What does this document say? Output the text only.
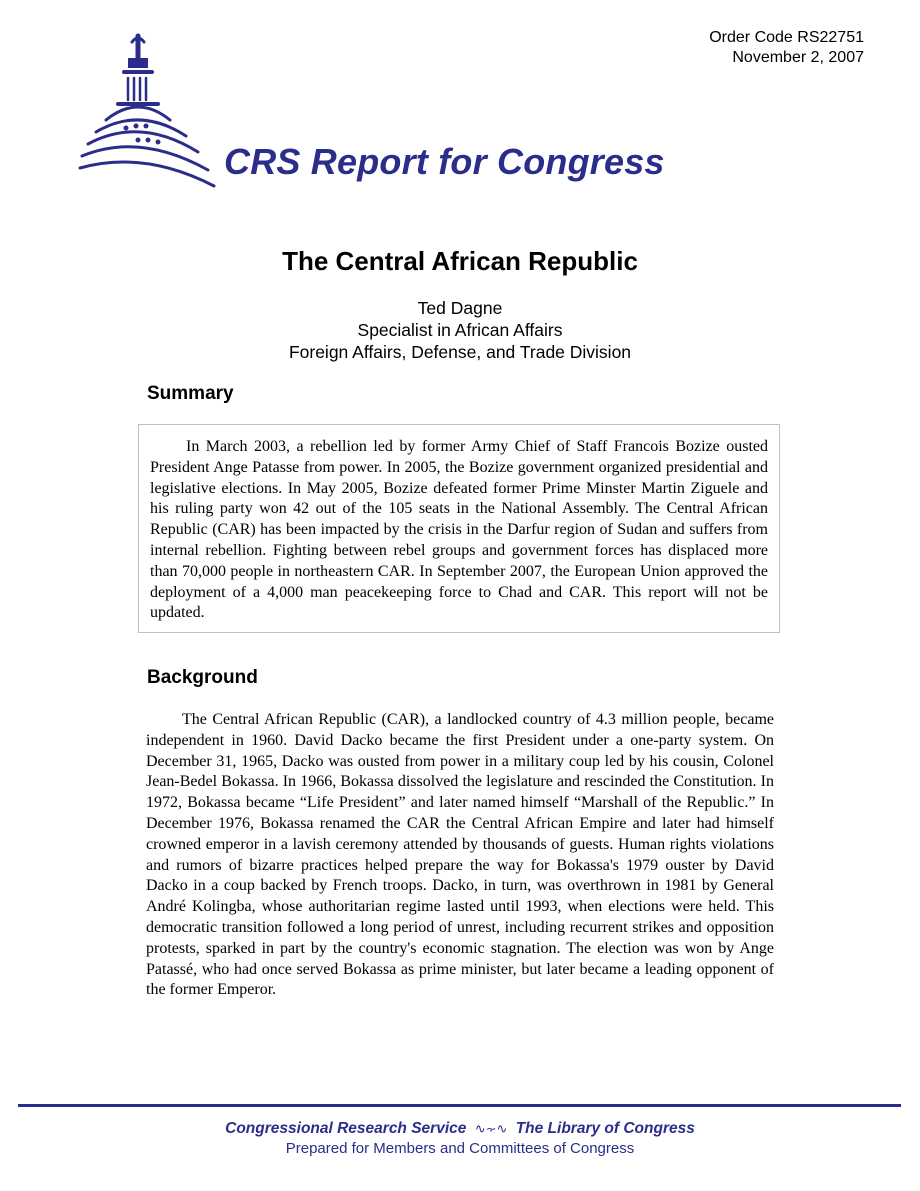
Order Code RS22751
November 2, 2007
CRS Report for Congress
The Central African Republic
Ted Dagne
Specialist in African Affairs
Foreign Affairs, Defense, and Trade Division
Summary

In March 2003, a rebellion led by former Army Chief of Staff Francois Bozize ousted President Ange Patasse from power. In 2005, the Bozize government organized presidential and legislative elections. In May 2005, Bozize defeated former Prime Minster Martin Ziguele and his ruling party won 42 out of the 105 seats in the National Assembly. The Central African Republic (CAR) has been impacted by the crisis in the Darfur region of Sudan and suffers from internal rebellion. Fighting between rebel groups and government forces has displaced more than 70,000 people in northeastern CAR. In September 2007, the European Union approved the deployment of a 4,000 man peacekeeping force to Chad and CAR. This report will not be updated.

Background

The Central African Republic (CAR), a landlocked country of 4.3 million people, became independent in 1960. David Dacko became the first President under a one-party system. On December 31, 1965, Dacko was ousted from power in a military coup led by his cousin, Colonel Jean-Bedel Bokassa. In 1966, Bokassa dissolved the legislature and rescinded the Constitution. In 1972, Bokassa became “Life President” and later named himself “Marshall of the Republic.” In December 1976, Bokassa renamed the CAR the Central African Empire and later had himself crowned emperor in a lavish ceremony attended by thousands of guests. Human rights violations and rumors of bizarre practices helped prepare the way for Bokassa's 1979 ouster by David Dacko in a coup backed by French troops. Dacko, in turn, was overthrown in 1981 by General André Kolingba, whose authoritarian regime lasted until 1993, when elections were held. This democratic transition followed a long period of unrest, including recurrent strikes and opposition protests, sparked in part by the country's economic stagnation. The election was won by Ange Patassé, who had once served Bokassa as prime minister, but later became a leading opponent of the former Emperor.

Congressional Research Service ∿⸟∿ The Library of Congress
Prepared for Members and Committees of Congress
